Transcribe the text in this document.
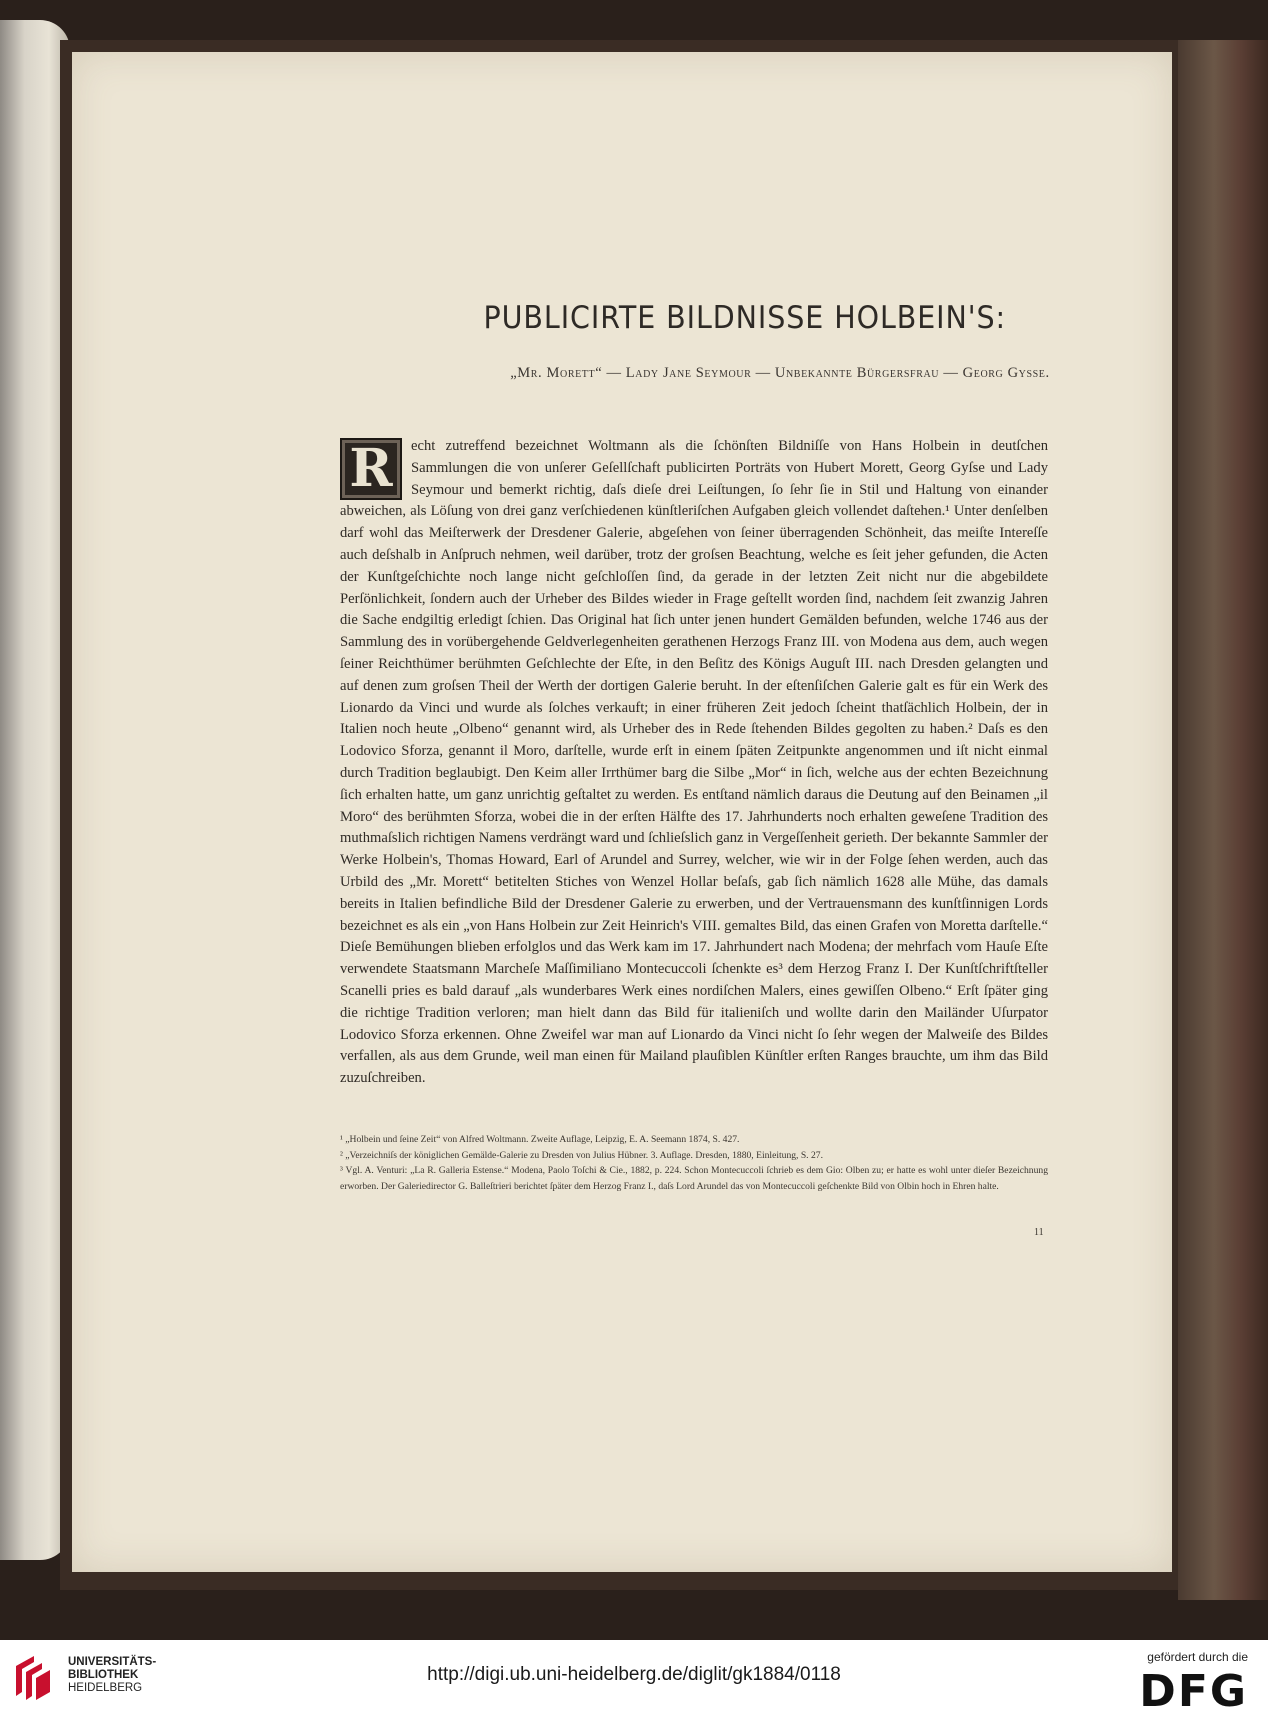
PUBLICIRTE BILDNISSE HOLBEIN'S:
„Mr. Morett“ — Lady Jane Seymour — Unbekannte Bürgersfrau — Georg Gysse.
R	echt zutreffend bezeichnet Woltmann als die ſchönſten Bildniſſe von Hans Holbein in deutſchen Sammlungen die von unſerer Geſellſchaft publicirten Porträts von Hubert Morett, Georg Gyſse und Lady Seymour und bemerkt richtig, daſs dieſe drei Leiſtungen, ſo ſehr ſie in Stil und Haltung von einander abweichen, als Löſung von drei ganz verſchiedenen künſtleriſchen Aufgaben gleich vollendet daſtehen.¹ Unter denſelben darf wohl das Meiſterwerk der Dresdener Galerie, abgeſehen von ſeiner überragenden Schönheit, das meiſte Intereſſe auch deſshalb in Anſpruch nehmen, weil darüber, trotz der groſsen Beachtung, welche es ſeit jeher gefunden, die Acten der Kunſtgeſchichte noch lange nicht geſchloſſen ſind, da gerade in der letzten Zeit nicht nur die abgebildete Perſönlichkeit, ſondern auch der Urheber des Bildes wieder in Frage geſtellt worden ſind, nachdem ſeit zwanzig Jahren die Sache endgiltig erledigt ſchien. Das Original hat ſich unter jenen hundert Gemälden befunden, welche 1746 aus der Sammlung des in vorübergehende Geldverlegenheiten gerathenen Herzogs Franz III. von Modena aus dem, auch wegen ſeiner Reichthümer berühmten Geſchlechte der Eſte, in den Beſitz des Königs Auguſt III. nach Dresden gelangten und auf denen zum groſsen Theil der Werth der dortigen Galerie beruht. In der eſtenſiſchen Galerie galt es für ein Werk des Lionardo da Vinci und wurde als ſolches verkauft; in einer früheren Zeit jedoch ſcheint thatſächlich Holbein, der in Italien noch heute „Olbeno“ genannt wird, als Urheber des in Rede ſtehenden Bildes gegolten zu haben.² Daſs es den Lodovico Sforza, genannt il Moro, darſtelle, wurde erſt in einem ſpäten Zeitpunkte angenommen und iſt nicht einmal durch Tradition beglaubigt. Den Keim aller Irrthümer barg die Silbe „Mor“ in ſich, welche aus der echten Bezeichnung ſich erhalten hatte, um ganz unrichtig geſtaltet zu werden. Es entſtand nämlich daraus die Deutung auf den Beinamen „il Moro“ des berühmten Sforza, wobei die in der erſten Hälfte des 17. Jahrhunderts noch erhalten geweſene Tradition des muthmaſslich richtigen Namens verdrängt ward und ſchlieſslich ganz in Vergeſſenheit gerieth. Der bekannte Sammler der Werke Holbein's, Thomas Howard, Earl of Arundel and Surrey, welcher, wie wir in der Folge ſehen werden, auch das Urbild des „Mr. Morett“ betitelten Stiches von Wenzel Hollar beſaſs, gab ſich nämlich 1628 alle Mühe, das damals bereits in Italien befindliche Bild der Dresdener Galerie zu erwerben, und der Vertrauensmann des kunſtſinnigen Lords bezeichnet es als ein „von Hans Holbein zur Zeit Heinrich's VIII. gemaltes Bild, das einen Grafen von Moretta darſtelle.“ Dieſe Bemühungen blieben erfolglos und das Werk kam im 17. Jahrhundert nach Modena; der mehrfach vom Hauſe Eſte verwendete Staatsmann Marcheſe Maſſimiliano Montecuccoli ſchenkte es³ dem Herzog Franz I. Der Kunſtſchriftſteller Scanelli pries es bald darauf „als wunderbares Werk eines nordiſchen Malers, eines gewiſſen Olbeno.“ Erſt ſpäter ging die richtige Tradition verloren; man hielt dann das Bild für italieniſch und wollte darin den Mailänder Uſurpator Lodovico Sforza erkennen. Ohne Zweifel war man auf Lionardo da Vinci nicht ſo ſehr wegen der Malweiſe des Bildes verfallen, als aus dem Grunde, weil man einen für Mailand plauſiblen Künſtler erſten Ranges brauchte, um ihm das Bild zuzuſchreiben.

¹ „Holbein und ſeine Zeit“ von Alfred Woltmann. Zweite Auflage, Leipzig, E. A. Seemann 1874, S. 427.

² „Verzeichniſs der königlichen Gemälde-Galerie zu Dresden von Julius Hübner. 3. Auflage. Dresden, 1880, Einleitung, S. 27.

³ Vgl. A. Venturi: „La R. Galleria Estense.“ Modena, Paolo Toſchi & Cie., 1882, p. 224. Schon Montecuccoli ſchrieb es dem Gio: Olben zu; er hatte es wohl unter dieſer Bezeichnung erworben. Der Galeriedirector G. Balleſtrieri berichtet ſpäter dem Herzog Franz I., daſs Lord Arundel das von Montecuccoli geſchenkte Bild von Olbin hoch in Ehren halte.

11
UNIVERSITÄTS-
BIBLIOTHEK
HEIDELBERG
http://digi.ub.uni-heidelberg.de/diglit/gk1884/0118
gefördert durch die
DFG
